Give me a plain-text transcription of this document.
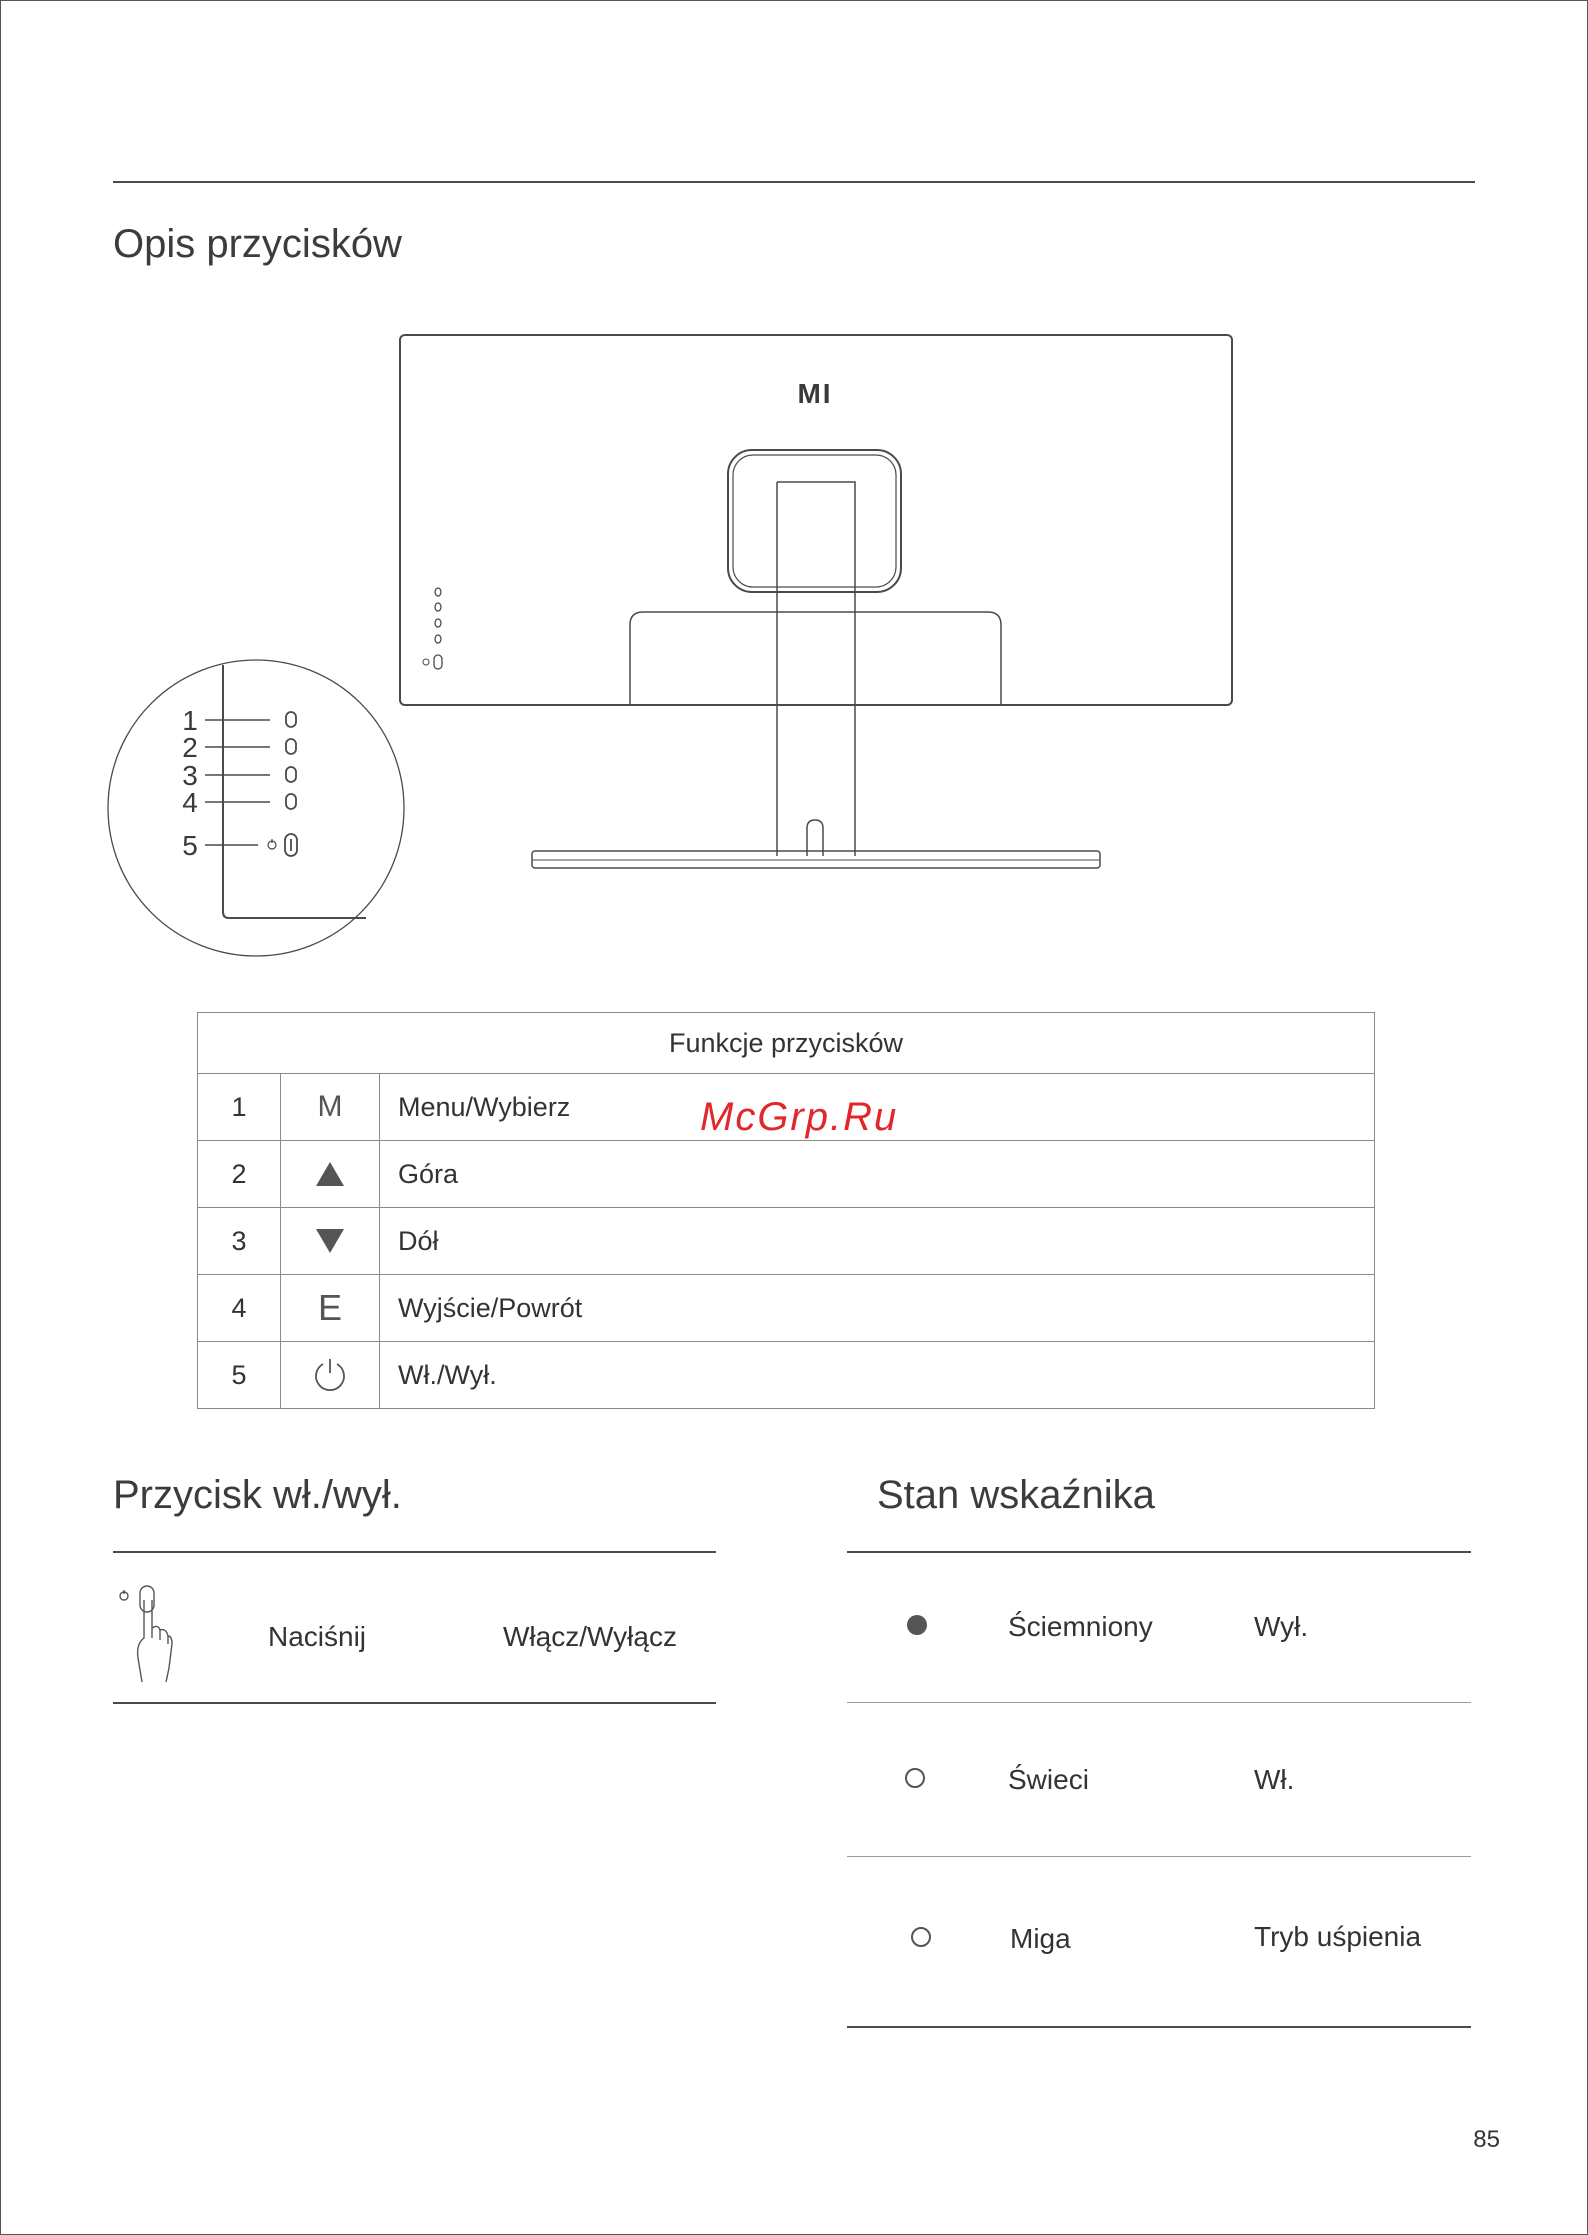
Opis przycisków
MI
1
2
3
4
5
Funkcje przycisków		
1	M	Menu/Wybierz
2		Góra
3		Dół
4	E	Wyjście/Powrót
5		Wł./Wył.
McGrp.Ru
Przycisk wł./wył.
Naciśnij	Włącz/Wyłącz
Stan wskaźnika
Ściemniony	Wył.
Świeci	Wł.
Miga	Tryb uśpienia
85
